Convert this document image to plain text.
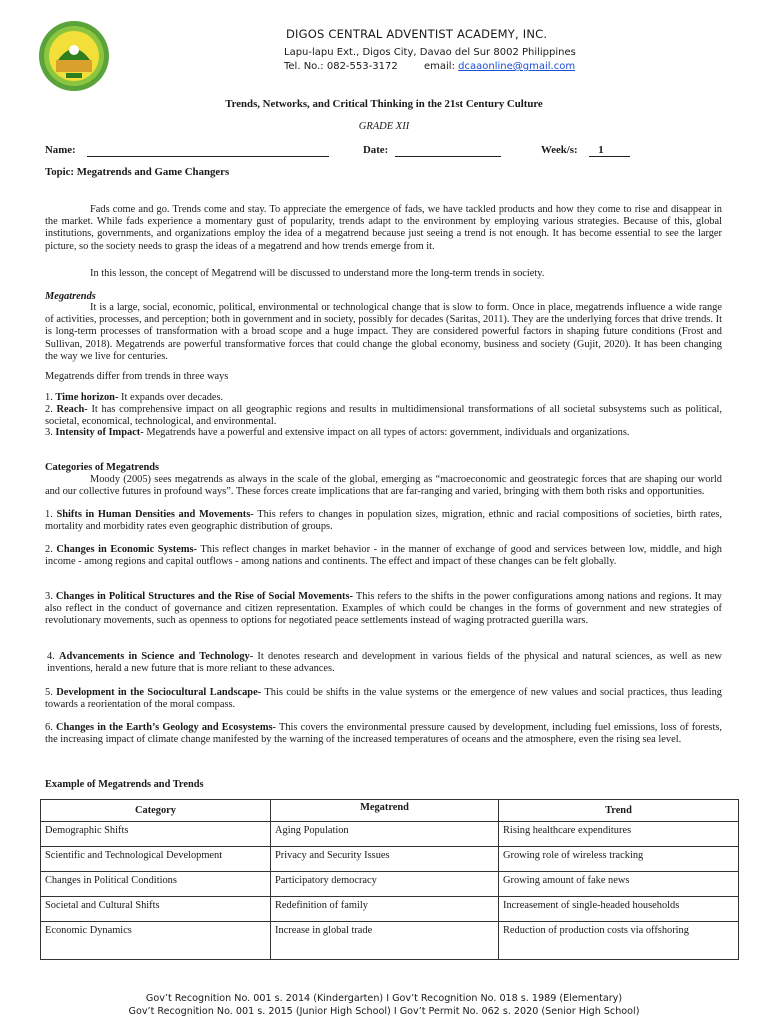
DIGOS CENTRAL ADVENTIST ACADEMY, INC.
Lapu-lapu Ext., Digos City, Davao del Sur 8002 Philippines
Tel. No.: 082-553-3172	email: dcaaonline@gmail.com
Trends, Networks, and Critical Thinking in the 21st Century Culture
GRADE XII
Name:	Date:	Week/s:	1
Topic: Megatrends and Game Changers

Fads come and go. Trends come and stay. To appreciate the emergence of fads, we have tackled products and how they come to rise and disappear in the market. While fads experience a momentary gust of popularity, trends adapt to the environment by employing various strategies. Because of this, global institutions, governments, and organizations employ the idea of a megatrend because just seeing a trend is not enough. It has become essential to see the larger picture, so the society needs to grasp the ideas of a megatrend and how trends emerge from it.

In this lesson, the concept of Megatrend will be discussed to understand more the long-term trends in society.

Megatrends

It is a large, social, economic, political, environmental or technological change that is slow to form. Once in place, megatrends influence a wide range of activities, processes, and perception; both in government and in society, possibly for decades (Saritas, 2011). They are the underlying forces that drive trends. It is long-term processes of transformation with a broad scope and a huge impact. They are considered powerful factors in shaping future conditions (Frost and Sullivan, 2018). Megatrends are powerful transformative forces that could change the global economy, business and society (Gujit, 2020). It has been changing the way we live for centuries.

Megatrends differ from trends in three ways

1. Time horizon- It expands over decades.

2. Reach- It has comprehensive impact on all geographic regions and results in multidimensional transformations of all societal subsystems such as political, societal, economical, technological, and environmental.

3. Intensity of Impact- Megatrends have a powerful and extensive impact on all types of actors: government, individuals and organizations.

Categories of Megatrends

Moody (2005) sees megatrends as always in the scale of the global, emerging as “macroeconomic and geostrategic forces that are shaping our world and our collective futures in profound ways”. These forces create implications that are far-ranging and varied, bringing with them both risks and opportunities.

1. Shifts in Human Densities and Movements- This refers to changes in population sizes, migration, ethnic and racial compositions of societies, birth rates, mortality and morbidity rates even geographic distribution of groups.

2. Changes in Economic Systems- This reflect changes in market behavior - in the manner of exchange of good and services between low, middle, and high income - among regions and capital outflows - among nations and continents. The effect and impact of these changes can be felt globally.

3. Changes in Political Structures and the Rise of Social Movements- This refers to the shifts in the power configurations among nations and regions. It may also reflect in the conduct of governance and citizen representation. Examples of which could be changes in the forms of government and new strategies of revolutionary movements, such as openness to options for negotiated peace settlements instead of waging protracted guerilla wars.

4. Advancements in Science and Technology- It denotes research and development in various fields of the physical and natural sciences, as well as new inventions, herald a new future that is more reliant to these advances.

5. Development in the Sociocultural Landscape- This could be shifts in the value systems or the emergence of new values and social practices, thus leading towards a reorientation of the moral compass.

6. Changes in the Earth’s Geology and Ecosystems- This covers the environmental pressure caused by development, including fuel emissions, loss of forests, the increasing impact of climate change manifested by the warning of the increased temperatures of oceans and the atmosphere, even the rising sea level.

Example of Megatrends and Trends

Category	Megatrend	Trend
Demographic Shifts	Aging Population	Rising healthcare expenditures
Scientific and Technological Development	Privacy and Security Issues	Growing role of wireless tracking
Changes in Political Conditions	Participatory democracy	Growing amount of fake news
Societal and Cultural Shifts	Redefinition of family	Increasement of single-headed households
Economic Dynamics	Increase in global trade	Reduction of production costs via offshoring
Gov’t Recognition No. 001 s. 2014 (Kindergarten) I Gov’t Recognition No. 018 s. 1989 (Elementary)
Gov’t Recognition No. 001 s. 2015 (Junior High School) I Gov’t Permit No. 062 s. 2020 (Senior High School)
